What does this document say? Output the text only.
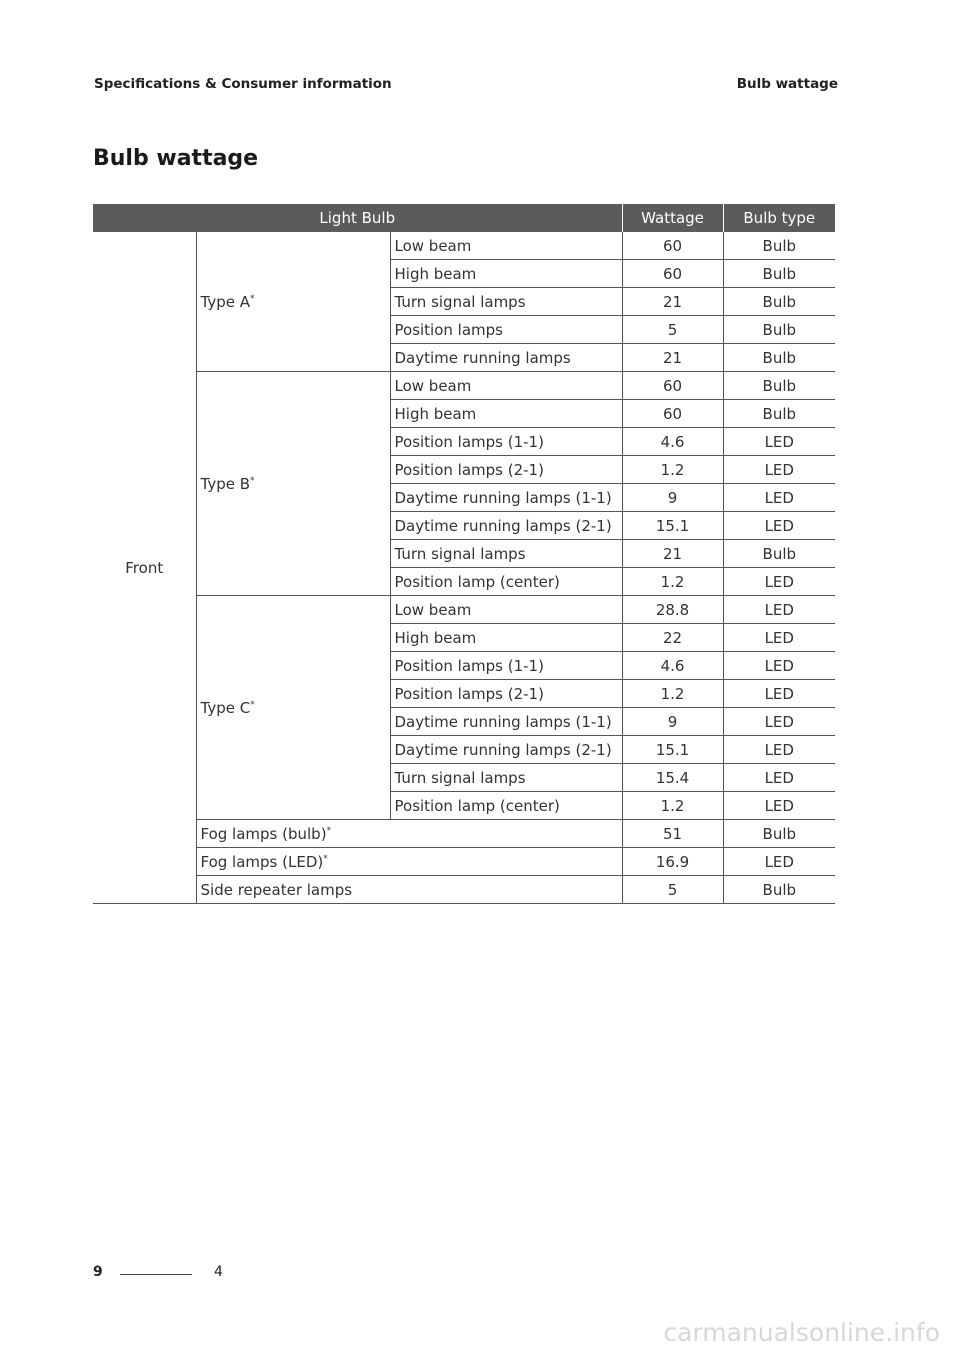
Specifications & Consumer information	Bulb wattage
Bulb wattage
Light Bulb			Wattage	Bulb type
Front	Type A*	Low beam	60	Bulb
		High beam	60	Bulb
		Turn signal lamps	21	Bulb
		Position lamps	5	Bulb
		Daytime running lamps	21	Bulb
	Type B*	Low beam	60	Bulb
		High beam	60	Bulb
		Position lamps (1-1)	4.6	LED
		Position lamps (2-1)	1.2	LED
		Daytime running lamps (1-1)	9	LED
		Daytime running lamps (2-1)	15.1	LED
		Turn signal lamps	21	Bulb
		Position lamp (center)	1.2	LED
	Type C*	Low beam	28.8	LED
		High beam	22	LED
		Position lamps (1-1)	4.6	LED
		Position lamps (2-1)	1.2	LED
		Daytime running lamps (1-1)	9	LED
		Daytime running lamps (2-1)	15.1	LED
		Turn signal lamps	15.4	LED
		Position lamp (center)	1.2	LED
	Fog lamps (bulb)*		51	Bulb
	Fog lamps (LED)*		16.9	LED
	Side repeater lamps		5	Bulb
9	4
carmanualsonline.info
